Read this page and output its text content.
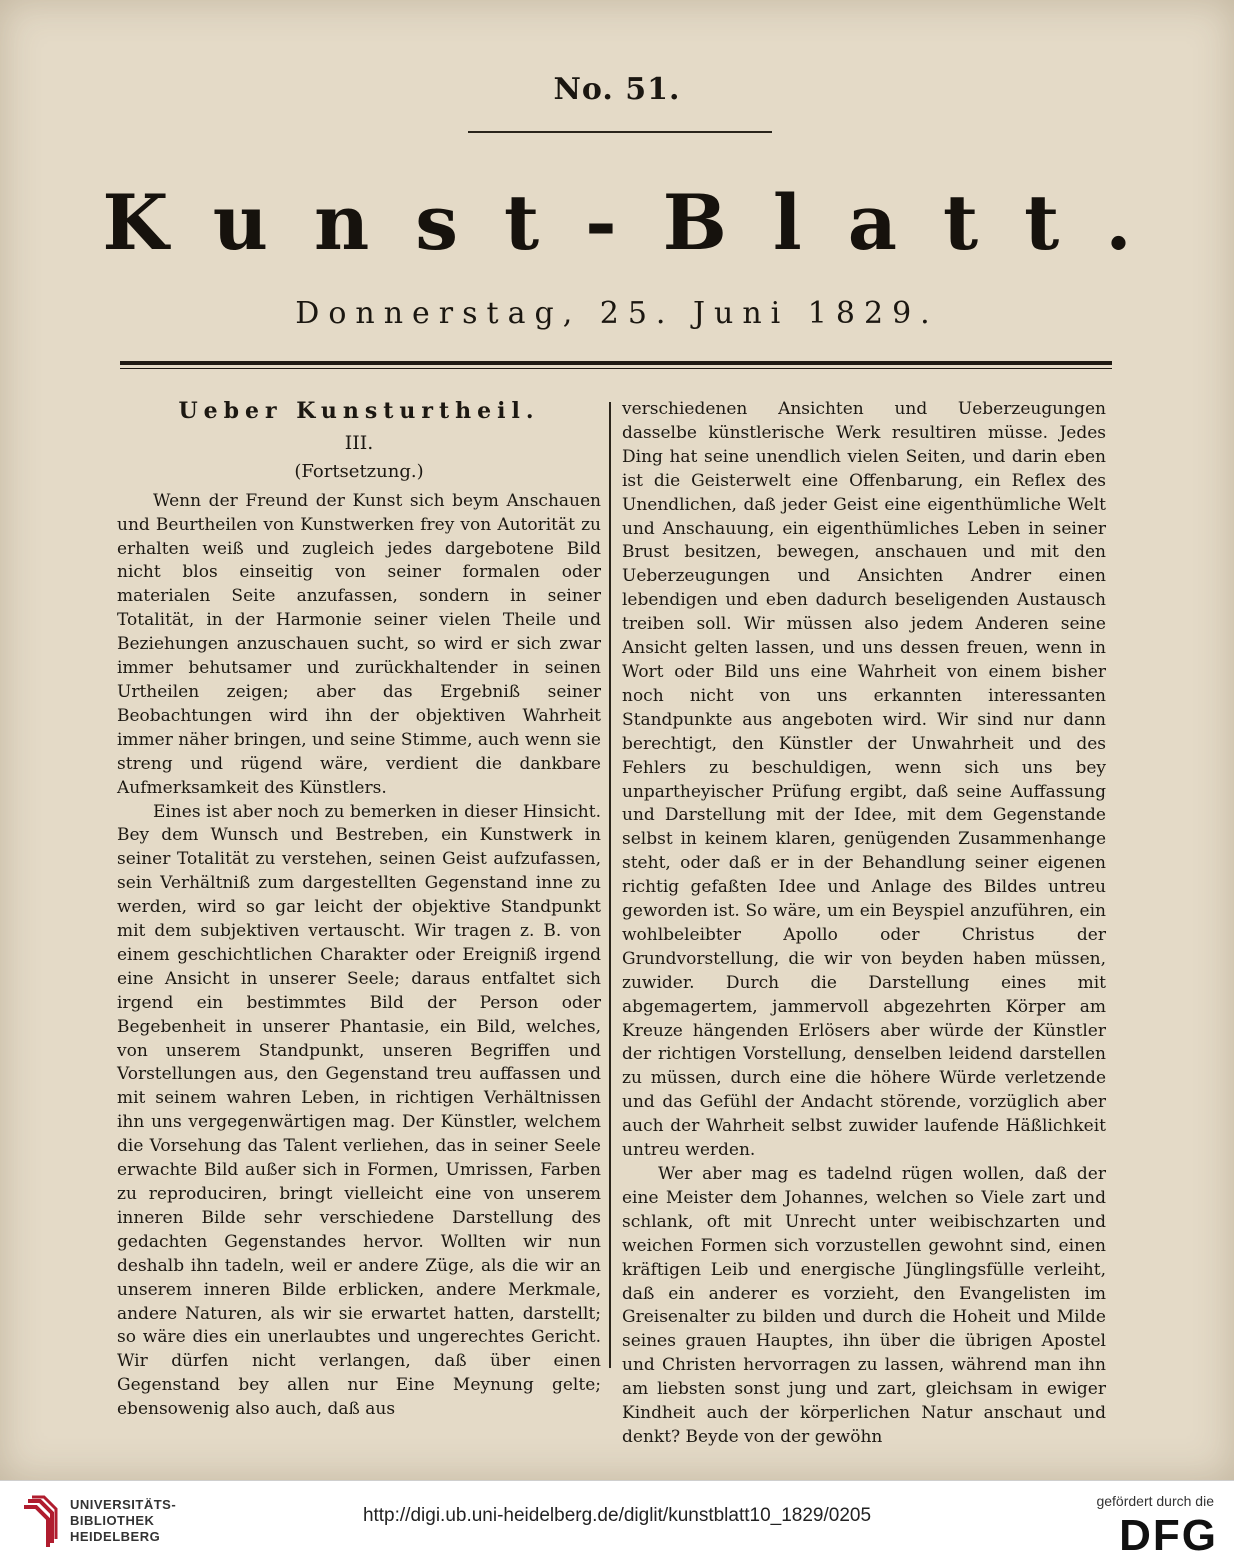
No. 51.
Kunst-Blatt.
Donnerstag, 25. Juni 1829.
Ueber Kunsturtheil.
III.
(Fortsetzung.)

Wenn der Freund der Kunst sich beym Anschauen und Beurtheilen von Kunstwerken frey von Autorität zu erhalten weiß und zugleich jedes dargebotene Bild nicht blos einseitig von seiner formalen oder materialen Seite anzufassen, sondern in seiner Totalität, in der Harmonie seiner vielen Theile und Beziehungen anzuschauen sucht, so wird er sich zwar immer behutsamer und zurückhaltender in seinen Urtheilen zeigen; aber das Ergebniß seiner Beobachtungen wird ihn der objektiven Wahrheit immer näher bringen, und seine Stimme, auch wenn sie streng und rügend wäre, verdient die dankbare Aufmerksamkeit des Künstlers.

Eines ist aber noch zu bemerken in dieser Hinsicht. Bey dem Wunsch und Bestreben, ein Kunstwerk in seiner Totalität zu verstehen, seinen Geist aufzufassen, sein Verhältniß zum dargestellten Gegenstand inne zu werden, wird so gar leicht der objektive Standpunkt mit dem subjektiven vertauscht. Wir tragen z. B. von einem geschichtlichen Charakter oder Ereigniß irgend eine Ansicht in unserer Seele; daraus entfaltet sich irgend ein bestimmtes Bild der Person oder Begebenheit in unserer Phantasie, ein Bild, welches, von unserem Standpunkt, unseren Begriffen und Vorstellungen aus, den Gegenstand treu auffassen und mit seinem wahren Leben, in richtigen Verhältnissen ihn uns vergegenwärtigen mag. Der Künstler, welchem die Vorsehung das Talent verliehen, das in seiner Seele erwachte Bild außer sich in Formen, Umrissen, Farben zu reproduciren, bringt vielleicht eine von unserem inneren Bilde sehr verschiedene Darstellung des gedachten Gegenstandes hervor. Wollten wir nun deshalb ihn tadeln, weil er andere Züge, als die wir an unserem inneren Bilde erblicken, andere Merkmale, andere Naturen, als wir sie erwartet hatten, darstellt; so wäre dies ein unerlaubtes und ungerechtes Gericht. Wir dürfen nicht verlangen, daß über einen Gegenstand bey allen nur Eine Meynung gelte; ebensowenig also auch, daß aus

verschiedenen Ansichten und Ueberzeugungen dasselbe künstlerische Werk resultiren müsse. Jedes Ding hat seine unendlich vielen Seiten, und darin eben ist die Geisterwelt eine Offenbarung, ein Reflex des Unendlichen, daß jeder Geist eine eigenthümliche Welt und Anschauung, ein eigenthümliches Leben in seiner Brust besitzen, bewegen, anschauen und mit den Ueberzeugungen und Ansichten Andrer einen lebendigen und eben dadurch beseligenden Austausch treiben soll. Wir müssen also jedem Anderen seine Ansicht gelten lassen, und uns dessen freuen, wenn in Wort oder Bild uns eine Wahrheit von einem bisher noch nicht von uns erkannten interessanten Standpunkte aus angeboten wird. Wir sind nur dann berechtigt, den Künstler der Unwahrheit und des Fehlers zu beschuldigen, wenn sich uns bey unpartheyischer Prüfung ergibt, daß seine Auffassung und Darstellung mit der Idee, mit dem Gegenstande selbst in keinem klaren, genügenden Zusammenhange steht, oder daß er in der Behandlung seiner eigenen richtig gefaßten Idee und Anlage des Bildes untreu geworden ist. So wäre, um ein Beyspiel anzuführen, ein wohlbeleibter Apollo oder Christus der Grundvorstellung, die wir von beyden haben müssen, zuwider. Durch die Darstellung eines mit abgemagertem, jammervoll abgezehrten Körper am Kreuze hängenden Erlösers aber würde der Künstler der richtigen Vorstellung, denselben leidend darstellen zu müssen, durch eine die höhere Würde verletzende und das Gefühl der Andacht störende, vorzüglich aber auch der Wahrheit selbst zuwider laufende Häßlichkeit untreu werden.

Wer aber mag es tadelnd rügen wollen, daß der eine Meister dem Johannes, welchen so Viele zart und schlank, oft mit Unrecht unter weibischzarten und weichen Formen sich vorzustellen gewohnt sind, einen kräftigen Leib und energische Jünglingsfülle verleiht, daß ein anderer es vorzieht, den Evangelisten im Greisenalter zu bilden und durch die Hoheit und Milde seines grauen Hauptes, ihn über die übrigen Apostel und Christen hervorragen zu lassen, während man ihn am liebsten sonst jung und zart, gleichsam in ewiger Kindheit auch der körperlichen Natur anschaut und denkt? Beyde von der gewöhn

UNIVERSITÄTS-
BIBLIOTHEK
HEIDELBERG
http://digi.ub.uni-heidelberg.de/diglit/kunstblatt10_1829/0205
gefördert durch die
DFG
